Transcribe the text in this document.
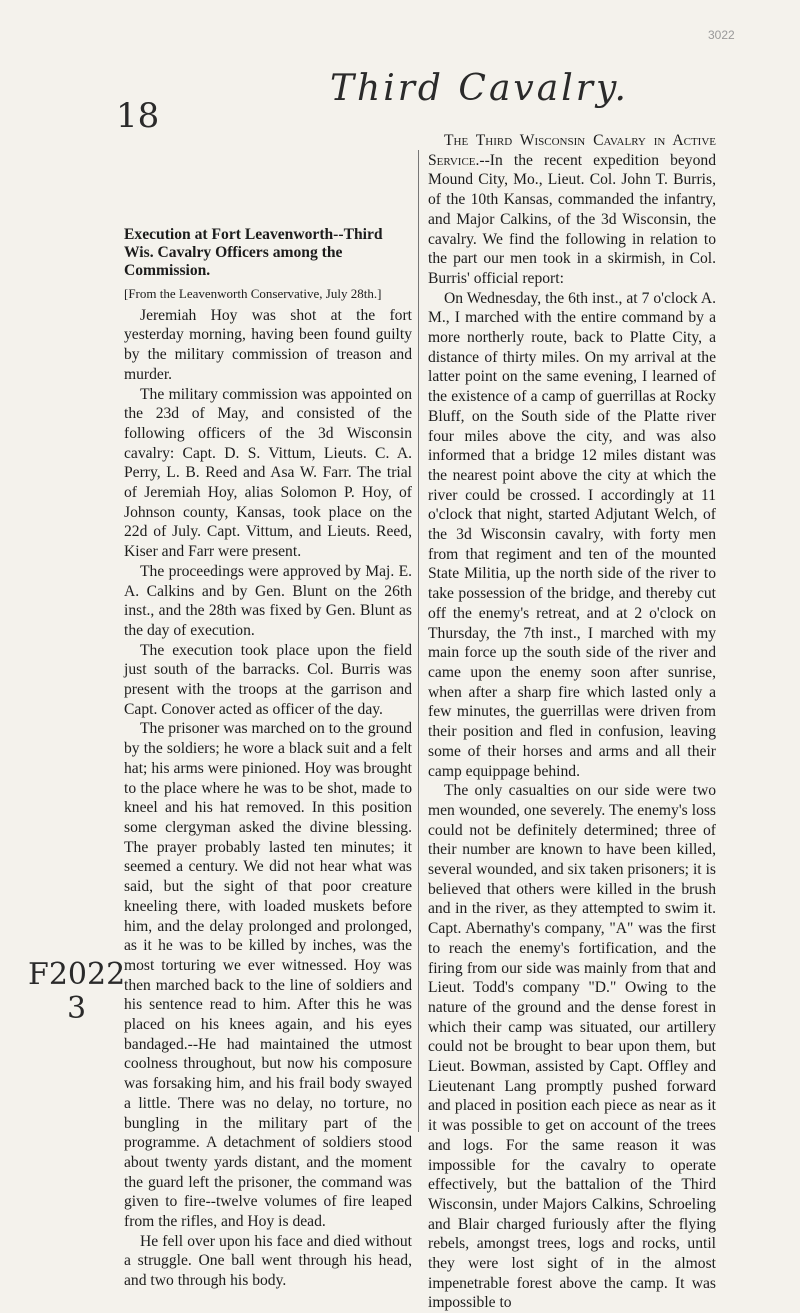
3022
18
Third Cavalry.
F2022
3
Execution at Fort Leavenworth--Third Wis. Cavalry Officers among the Commission.
[From the Leavenworth Conservative, July 28th.]

Jeremiah Hoy was shot at the fort yesterday morning, having been found guilty by the military commission of treason and murder.

The military commission was appointed on the 23d of May, and consisted of the following officers of the 3d Wisconsin cavalry: Capt. D. S. Vittum, Lieuts. C. A. Perry, L. B. Reed and Asa W. Farr. The trial of Jeremiah Hoy, alias Solomon P. Hoy, of Johnson county, Kansas, took place on the 22d of July. Capt. Vittum, and Lieuts. Reed, Kiser and Farr were present.

The proceedings were approved by Maj. E. A. Calkins and by Gen. Blunt on the 26th inst., and the 28th was fixed by Gen. Blunt as the day of execution.

The execution took place upon the field just south of the barracks. Col. Burris was present with the troops at the garrison and Capt. Conover acted as officer of the day.

The prisoner was marched on to the ground by the soldiers; he wore a black suit and a felt hat; his arms were pinioned. Hoy was brought to the place where he was to be shot, made to kneel and his hat removed. In this position some clergyman asked the divine blessing. The prayer probably lasted ten minutes; it seemed a century. We did not hear what was said, but the sight of that poor creature kneeling there, with loaded muskets before him, and the delay prolonged and prolonged, as it he was to be killed by inches, was the most torturing we ever witnessed. Hoy was then marched back to the line of soldiers and his sentence read to him. After this he was placed on his knees again, and his eyes bandaged.--He had maintained the utmost coolness throughout, but now his composure was forsaking him, and his frail body swayed a little. There was no delay, no torture, no bungling in the military part of the programme. A detachment of soldiers stood about twenty yards distant, and the moment the guard left the prisoner, the command was given to fire--twelve volumes of fire leaped from the rifles, and Hoy is dead.

He fell over upon his face and died without a struggle. One ball went through his head, and two through his body.

The Third Wisconsin Cavalry in Active Service.--In the recent expedition beyond Mound City, Mo., Lieut. Col. John T. Burris, of the 10th Kansas, commanded the infantry, and Major Calkins, of the 3d Wisconsin, the cavalry. We find the following in relation to the part our men took in a skirmish, in Col. Burris' official report:

On Wednesday, the 6th inst., at 7 o'clock A. M., I marched with the entire command by a more northerly route, back to Platte City, a distance of thirty miles. On my arrival at the latter point on the same evening, I learned of the existence of a camp of guerrillas at Rocky Bluff, on the South side of the Platte river four miles above the city, and was also informed that a bridge 12 miles distant was the nearest point above the city at which the river could be crossed. I accordingly at 11 o'clock that night, started Adjutant Welch, of the 3d Wisconsin cavalry, with forty men from that regiment and ten of the mounted State Militia, up the north side of the river to take possession of the bridge, and thereby cut off the enemy's retreat, and at 2 o'clock on Thursday, the 7th inst., I marched with my main force up the south side of the river and came upon the enemy soon after sunrise, when after a sharp fire which lasted only a few minutes, the guerrillas were driven from their position and fled in confusion, leaving some of their horses and arms and all their camp equippage behind.

The only casualties on our side were two men wounded, one severely. The enemy's loss could not be definitely determined; three of their number are known to have been killed, several wounded, and six taken prisoners; it is believed that others were killed in the brush and in the river, as they attempted to swim it. Capt. Abernathy's company, "A" was the first to reach the enemy's fortification, and the firing from our side was mainly from that and Lieut. Todd's company "D." Owing to the nature of the ground and the dense forest in which their camp was situated, our artillery could not be brought to bear upon them, but Lieut. Bowman, assisted by Capt. Offley and Lieutenant Lang promptly pushed forward and placed in position each piece as near as it it was possible to get on account of the trees and logs. For the same reason it was impossible for the cavalry to operate effectively, but the battalion of the Third Wisconsin, under Majors Calkins, Schroeling and Blair charged furiously after the flying rebels, amongst trees, logs and rocks, until they were lost sight of in the almost impenetrable forest above the camp. It was impossible to
